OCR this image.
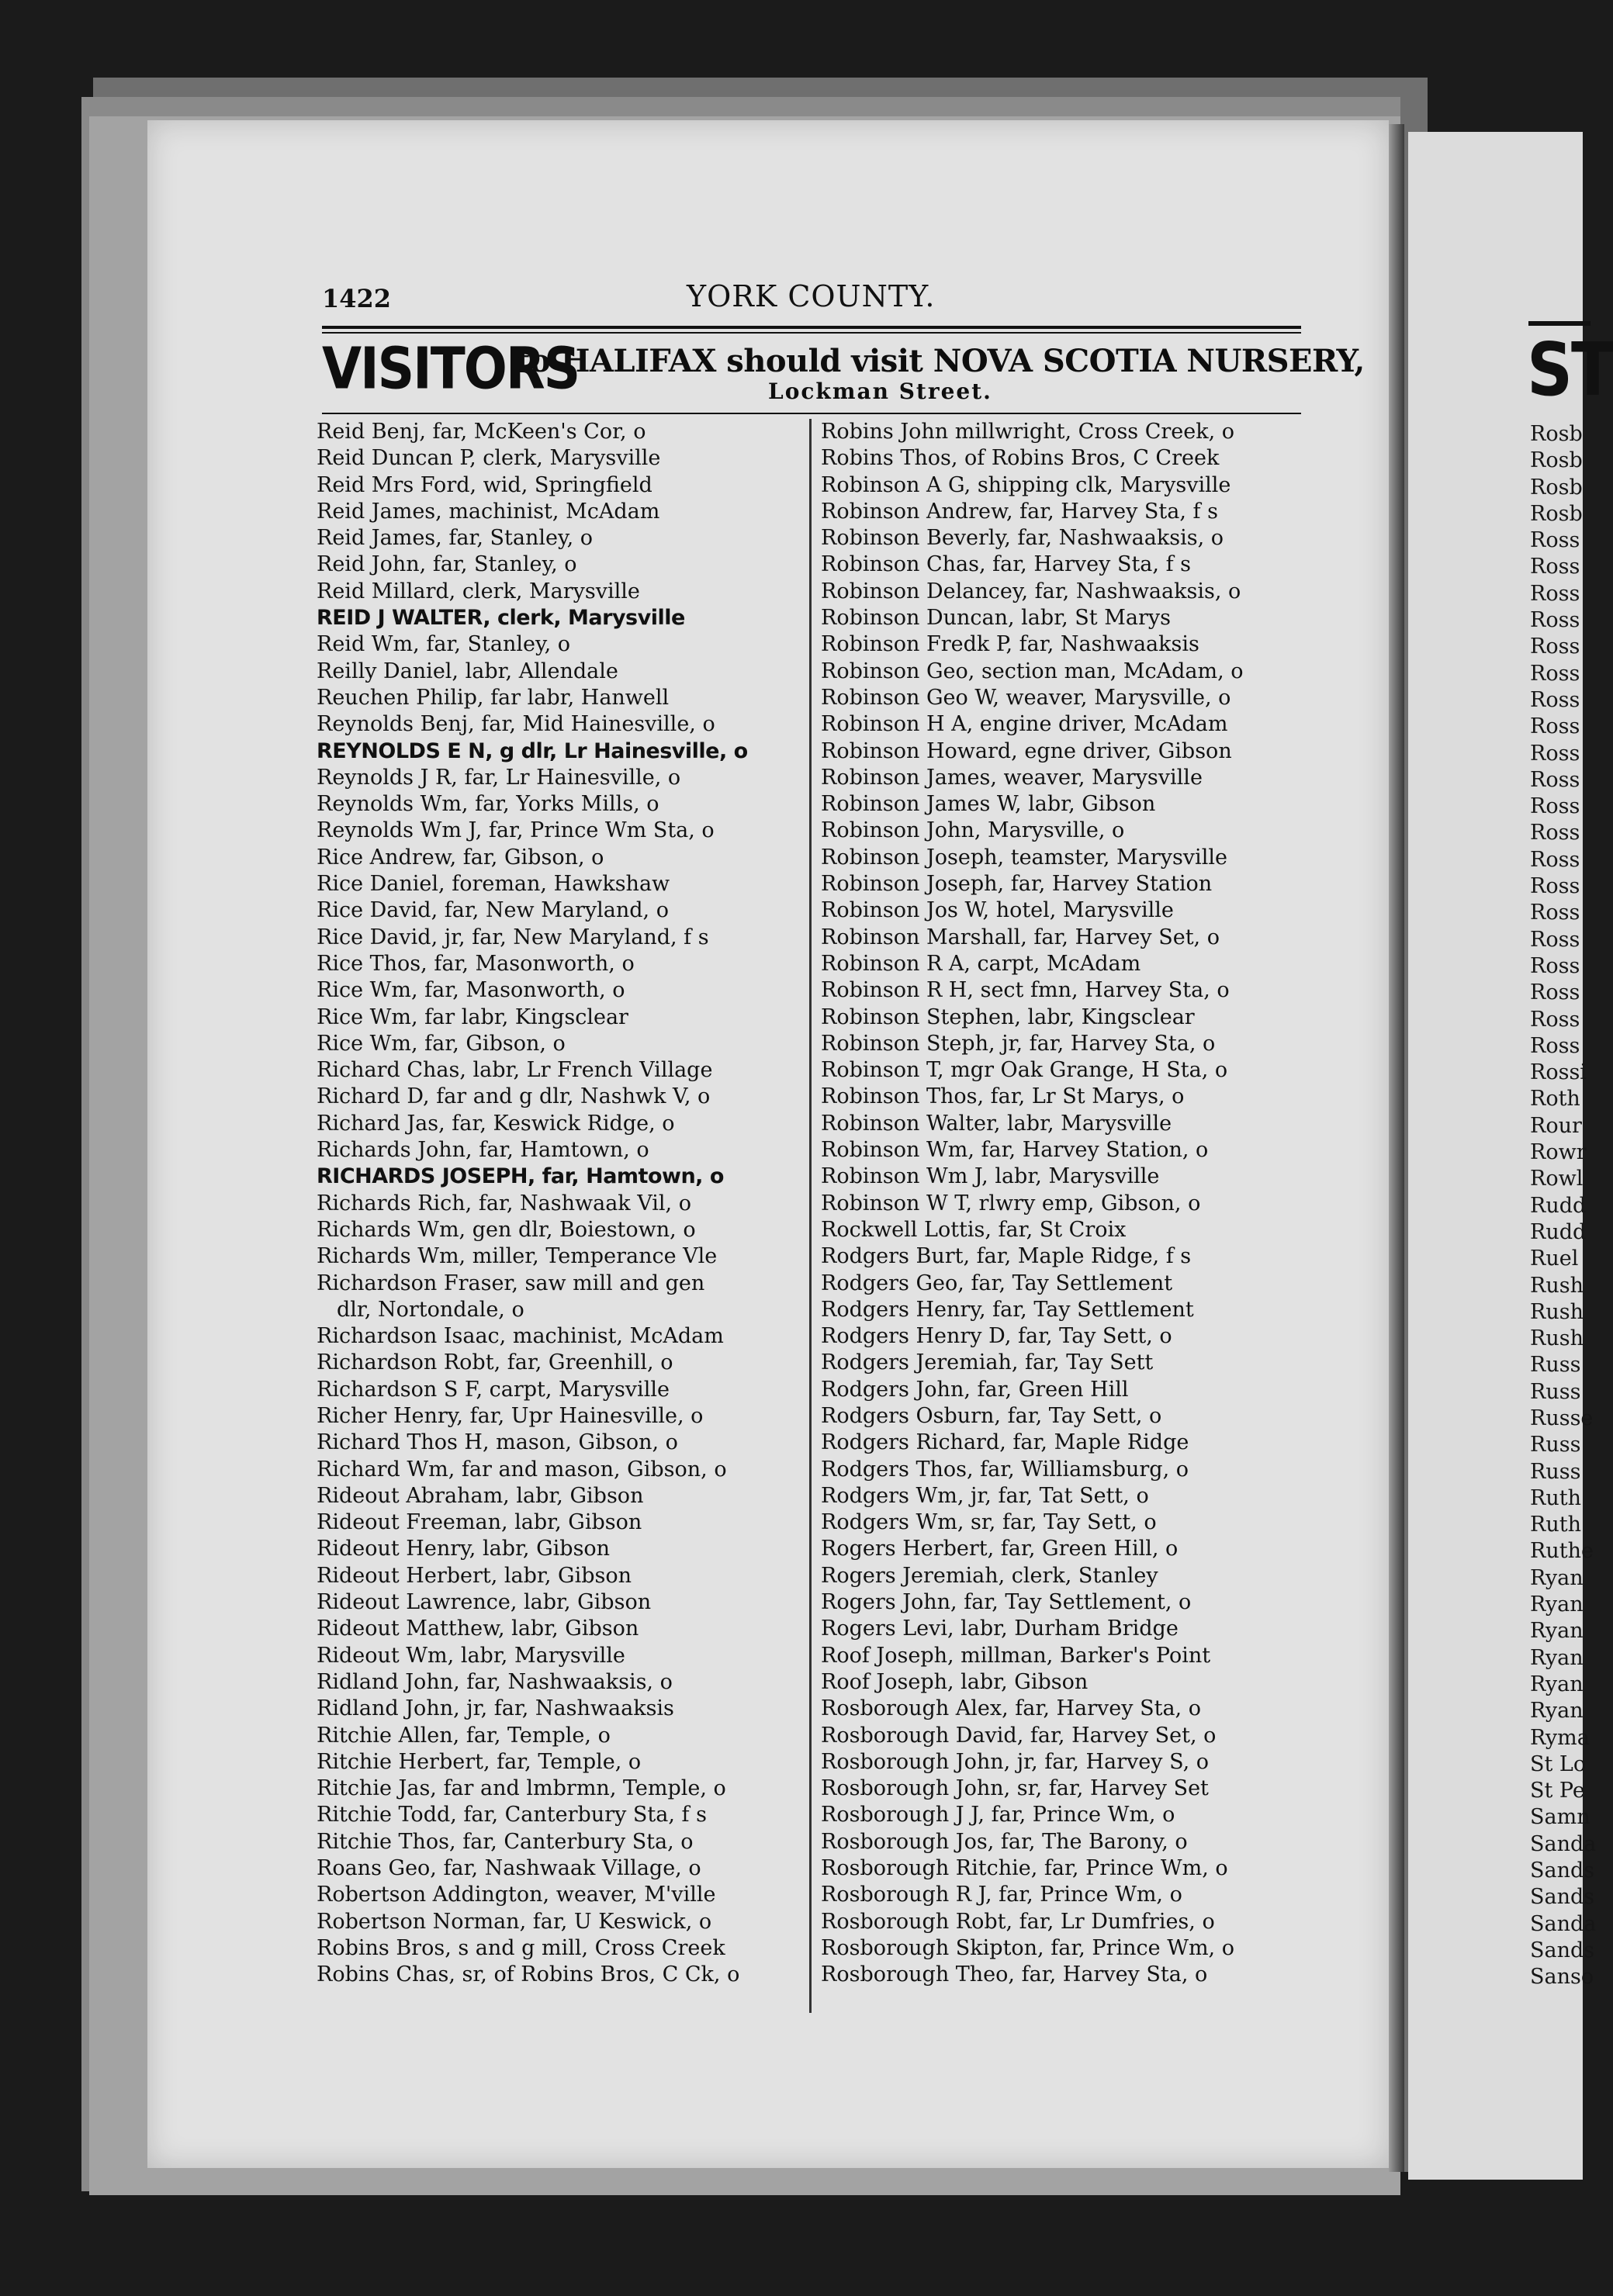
1422	YORK COUNTY.
VISITORS
to HALIFAX should visit NOVA SCOTIA NURSERY,
Lockman Street.
Reid Benj, far, McKeen's Cor, o
Reid Duncan P, clerk, Marysville
Reid Mrs Ford, wid, Springfield
Reid James, machinist, McAdam
Reid James, far, Stanley, o
Reid John, far, Stanley, o
Reid Millard, clerk, Marysville
REID J WALTER, clerk, Marysville
Reid Wm, far, Stanley, o
Reilly Daniel, labr, Allendale
Reuchen Philip, far labr, Hanwell
Reynolds Benj, far, Mid Hainesville, o
REYNOLDS E N, g dlr, Lr Hainesville, o
Reynolds J R, far, Lr Hainesville, o
Reynolds Wm, far, Yorks Mills, o
Reynolds Wm J, far, Prince Wm Sta, o
Rice Andrew, far, Gibson, o
Rice Daniel, foreman, Hawkshaw
Rice David, far, New Maryland, o
Rice David, jr, far, New Maryland, f s
Rice Thos, far, Masonworth, o
Rice Wm, far, Masonworth, o
Rice Wm, far labr, Kingsclear
Rice Wm, far, Gibson, o
Richard Chas, labr, Lr French Village
Richard D, far and g dlr, Nashwk V, o
Richard Jas, far, Keswick Ridge, o
Richards John, far, Hamtown, o
RICHARDS JOSEPH, far, Hamtown, o
Richards Rich, far, Nashwaak Vil, o
Richards Wm, gen dlr, Boiestown, o
Richards Wm, miller, Temperance Vle
Richardson Fraser, saw mill and gen
dlr, Nortondale, o
Richardson Isaac, machinist, McAdam
Richardson Robt, far, Greenhill, o
Richardson S F, carpt, Marysville
Richer Henry, far, Upr Hainesville, o
Richard Thos H, mason, Gibson, o
Richard Wm, far and mason, Gibson, o
Rideout Abraham, labr, Gibson
Rideout Freeman, labr, Gibson
Rideout Henry, labr, Gibson
Rideout Herbert, labr, Gibson
Rideout Lawrence, labr, Gibson
Rideout Matthew, labr, Gibson
Rideout Wm, labr, Marysville
Ridland John, far, Nashwaaksis, o
Ridland John, jr, far, Nashwaaksis
Ritchie Allen, far, Temple, o
Ritchie Herbert, far, Temple, o
Ritchie Jas, far and lmbrmn, Temple, o
Ritchie Todd, far, Canterbury Sta, f s
Ritchie Thos, far, Canterbury Sta, o
Roans Geo, far, Nashwaak Village, o
Robertson Addington, weaver, M'ville
Robertson Norman, far, U Keswick, o
Robins Bros, s and g mill, Cross Creek
Robins Chas, sr, of Robins Bros, C Ck, o
Robins John millwright, Cross Creek, o
Robins Thos, of Robins Bros, C Creek
Robinson A G, shipping clk, Marysville
Robinson Andrew, far, Harvey Sta, f s
Robinson Beverly, far, Nashwaaksis, o
Robinson Chas, far, Harvey Sta, f s
Robinson Delancey, far, Nashwaaksis, o
Robinson Duncan, labr, St Marys
Robinson Fredk P, far, Nashwaaksis
Robinson Geo, section man, McAdam, o
Robinson Geo W, weaver, Marysville, o
Robinson H A, engine driver, McAdam
Robinson Howard, egne driver, Gibson
Robinson James, weaver, Marysville
Robinson James W, labr, Gibson
Robinson John, Marysville, o
Robinson Joseph, teamster, Marysville
Robinson Joseph, far, Harvey Station
Robinson Jos W, hotel, Marysville
Robinson Marshall, far, Harvey Set, o
Robinson R A, carpt, McAdam
Robinson R H, sect fmn, Harvey Sta, o
Robinson Stephen, labr, Kingsclear
Robinson Steph, jr, far, Harvey Sta, o
Robinson T, mgr Oak Grange, H Sta, o
Robinson Thos, far, Lr St Marys, o
Robinson Walter, labr, Marysville
Robinson Wm, far, Harvey Station, o
Robinson Wm J, labr, Marysville
Robinson W T, rlwry emp, Gibson, o
Rockwell Lottis, far, St Croix
Rodgers Burt, far, Maple Ridge, f s
Rodgers Geo, far, Tay Settlement
Rodgers Henry, far, Tay Settlement
Rodgers Henry D, far, Tay Sett, o
Rodgers Jeremiah, far, Tay Sett
Rodgers John, far, Green Hill
Rodgers Osburn, far, Tay Sett, o
Rodgers Richard, far, Maple Ridge
Rodgers Thos, far, Williamsburg, o
Rodgers Wm, jr, far, Tat Sett, o
Rodgers Wm, sr, far, Tay Sett, o
Rogers Herbert, far, Green Hill, o
Rogers Jeremiah, clerk, Stanley
Rogers John, far, Tay Settlement, o
Rogers Levi, labr, Durham Bridge
Roof Joseph, millman, Barker's Point
Roof Joseph, labr, Gibson
Rosborough Alex, far, Harvey Sta, o
Rosborough David, far, Harvey Set, o
Rosborough John, jr, far, Harvey S, o
Rosborough John, sr, far, Harvey Set
Rosborough J J, far, Prince Wm, o
Rosborough Jos, far, The Barony, o
Rosborough Ritchie, far, Prince Wm, o
Rosborough R J, far, Prince Wm, o
Rosborough Robt, far, Lr Dumfries, o
Rosborough Skipton, far, Prince Wm, o
Rosborough Theo, far, Harvey Sta, o
ST
Rosb
Rosb
Rosb
Rosb
Ross
Ross
Ross
Ross
Ross
Ross
Ross
Ross
Ross
Ross
Ross
Ross
Ross
Ross
Ross
Ross
Ross
Ross
Ross
Ross
Rossi
Roth
Rour
Rowr
Rowl
Rudd
Rudd
Ruel
Rush
Rush
Rush
Russ
Russ
Russe
Russ
Russ
Ruth
Ruth
Ruthe
Ryan
Ryan
Ryan
Ryan
Ryan
Ryan
Ryma
St Lo
St Pe
Samn
Sanda
Sands
Sands
Sanda
Sands
Sanso
